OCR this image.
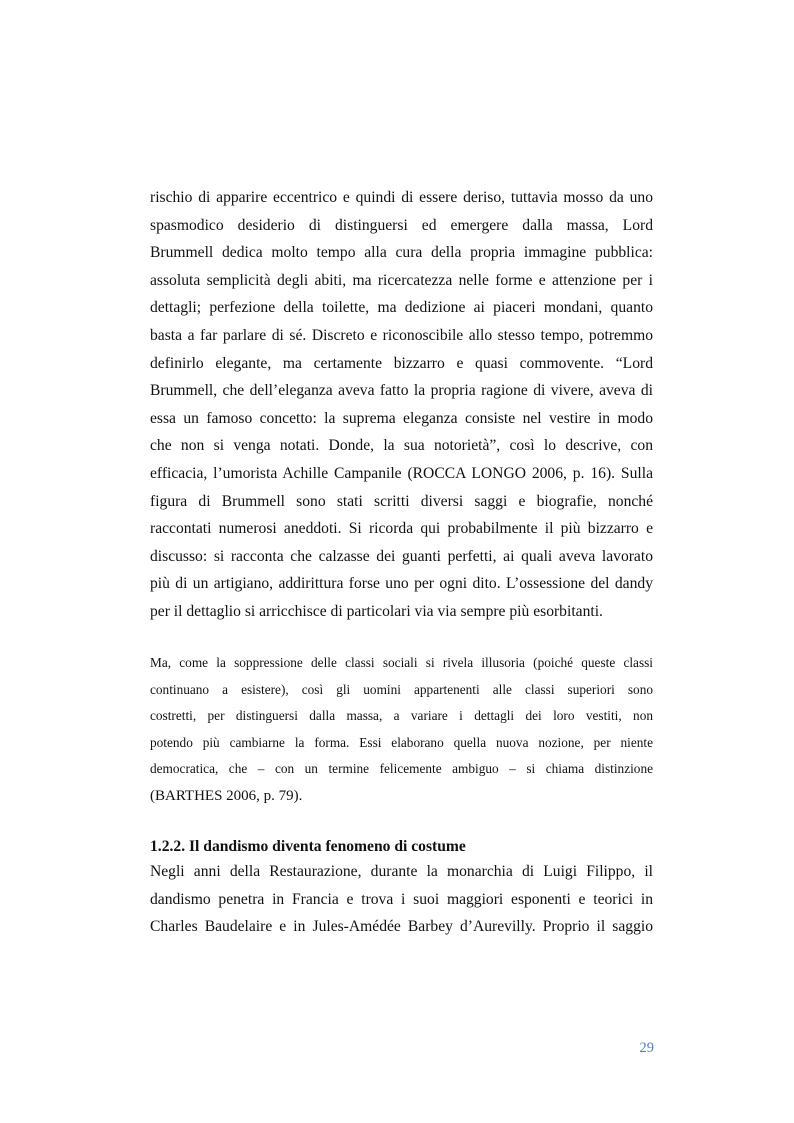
rischio di apparire eccentrico e quindi di essere deriso, tuttavia mosso da uno
spasmodico desiderio di distinguersi ed emergere dalla massa, Lord
Brummell dedica molto tempo alla cura della propria immagine pubblica:
assoluta semplicità degli abiti, ma ricercatezza nelle forme e attenzione per i
dettagli; perfezione della toilette, ma dedizione ai piaceri mondani, quanto
basta a far parlare di sé. Discreto e riconoscibile allo stesso tempo, potremmo
definirlo elegante, ma certamente bizzarro e quasi commovente. “Lord
Brummell, che dell’eleganza aveva fatto la propria ragione di vivere, aveva di
essa un famoso concetto: la suprema eleganza consiste nel vestire in modo
che non si venga notati. Donde, la sua notorietà”, così lo descrive, con
efficacia, l’umorista Achille Campanile (ROCCA LONGO 2006, p. 16). Sulla
figura di Brummell sono stati scritti diversi saggi e biografie, nonché
raccontati numerosi aneddoti. Si ricorda qui probabilmente il più bizzarro e
discusso: si racconta che calzasse dei guanti perfetti, ai quali aveva lavorato
più di un artigiano, addirittura forse uno per ogni dito. L’ossessione del dandy
per il dettaglio si arricchisce di particolari via via sempre più esorbitanti.
Ma, come la soppressione delle classi sociali si rivela illusoria (poiché queste classi
continuano a esistere), così gli uomini appartenenti alle classi superiori sono
costretti, per distinguersi dalla massa, a variare i dettagli dei loro vestiti, non
potendo più cambiarne la forma. Essi elaborano quella nuova nozione, per niente
democratica, che – con un termine felicemente ambiguo – si chiama distinzione
(BARTHES 2006, p. 79).
1.2.2. Il dandismo diventa fenomeno di costume
Negli anni della Restaurazione, durante la monarchia di Luigi Filippo, il
dandismo penetra in Francia e trova i suoi maggiori esponenti e teorici in
Charles Baudelaire e in Jules-Amédée Barbey d’Aurevilly. Proprio il saggio
29
